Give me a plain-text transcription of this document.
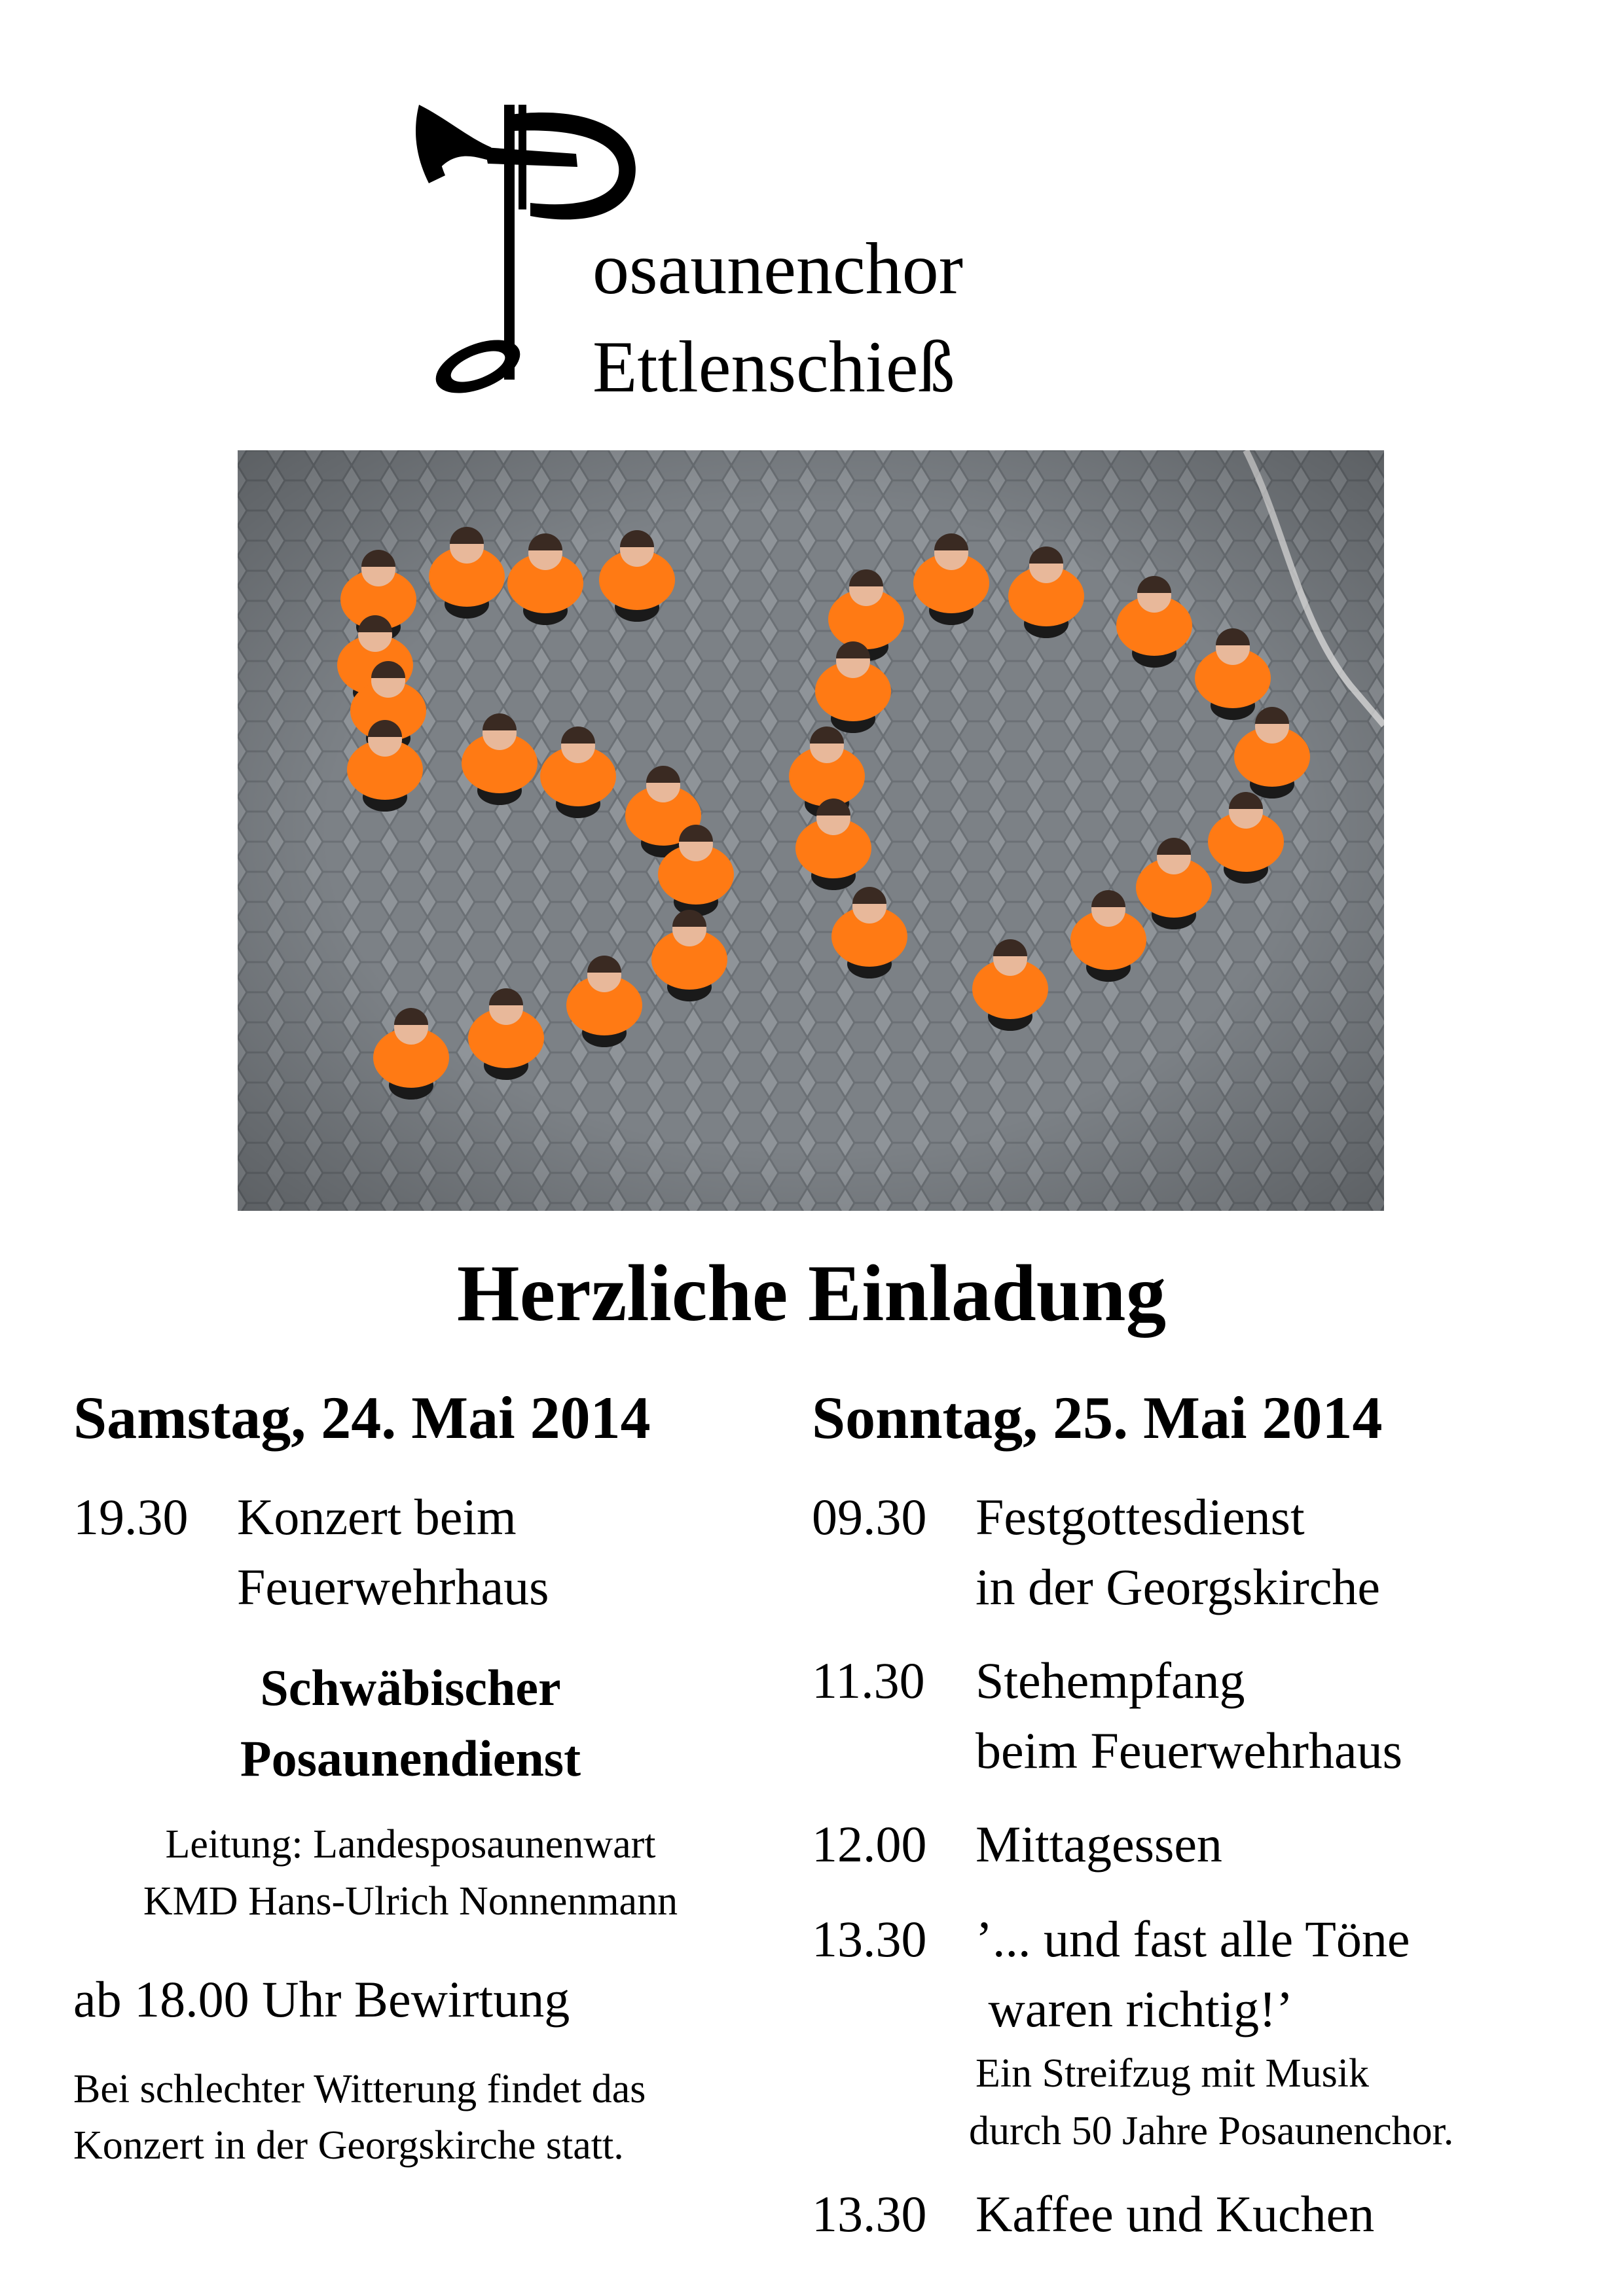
osaunenchor
Ettlenschieß
Herzliche Einladung
Samstag, 24. Mai 2014
19.30 Konzert beim
Feuerwehrhaus
Schwäbischer
Posaunendienst
Leitung: Landesposaunenwart
KMD Hans-Ulrich Nonnenmann
ab 18.00 Uhr Bewirtung
Bei schlechter Witterung findet das
Konzert in der Georgskirche statt.
Sonntag, 25. Mai 2014
09.30 Festgottesdienst
in der Georgskirche
11.30 Stehempfang
beim Feuerwehrhaus
12.00 Mittagessen
13.30 ’... und fast alle Töne
waren richtig!’
Ein Streifzug mit Musik
durch 50 Jahre Posaunenchor.
13.30 Kaffee und Kuchen
